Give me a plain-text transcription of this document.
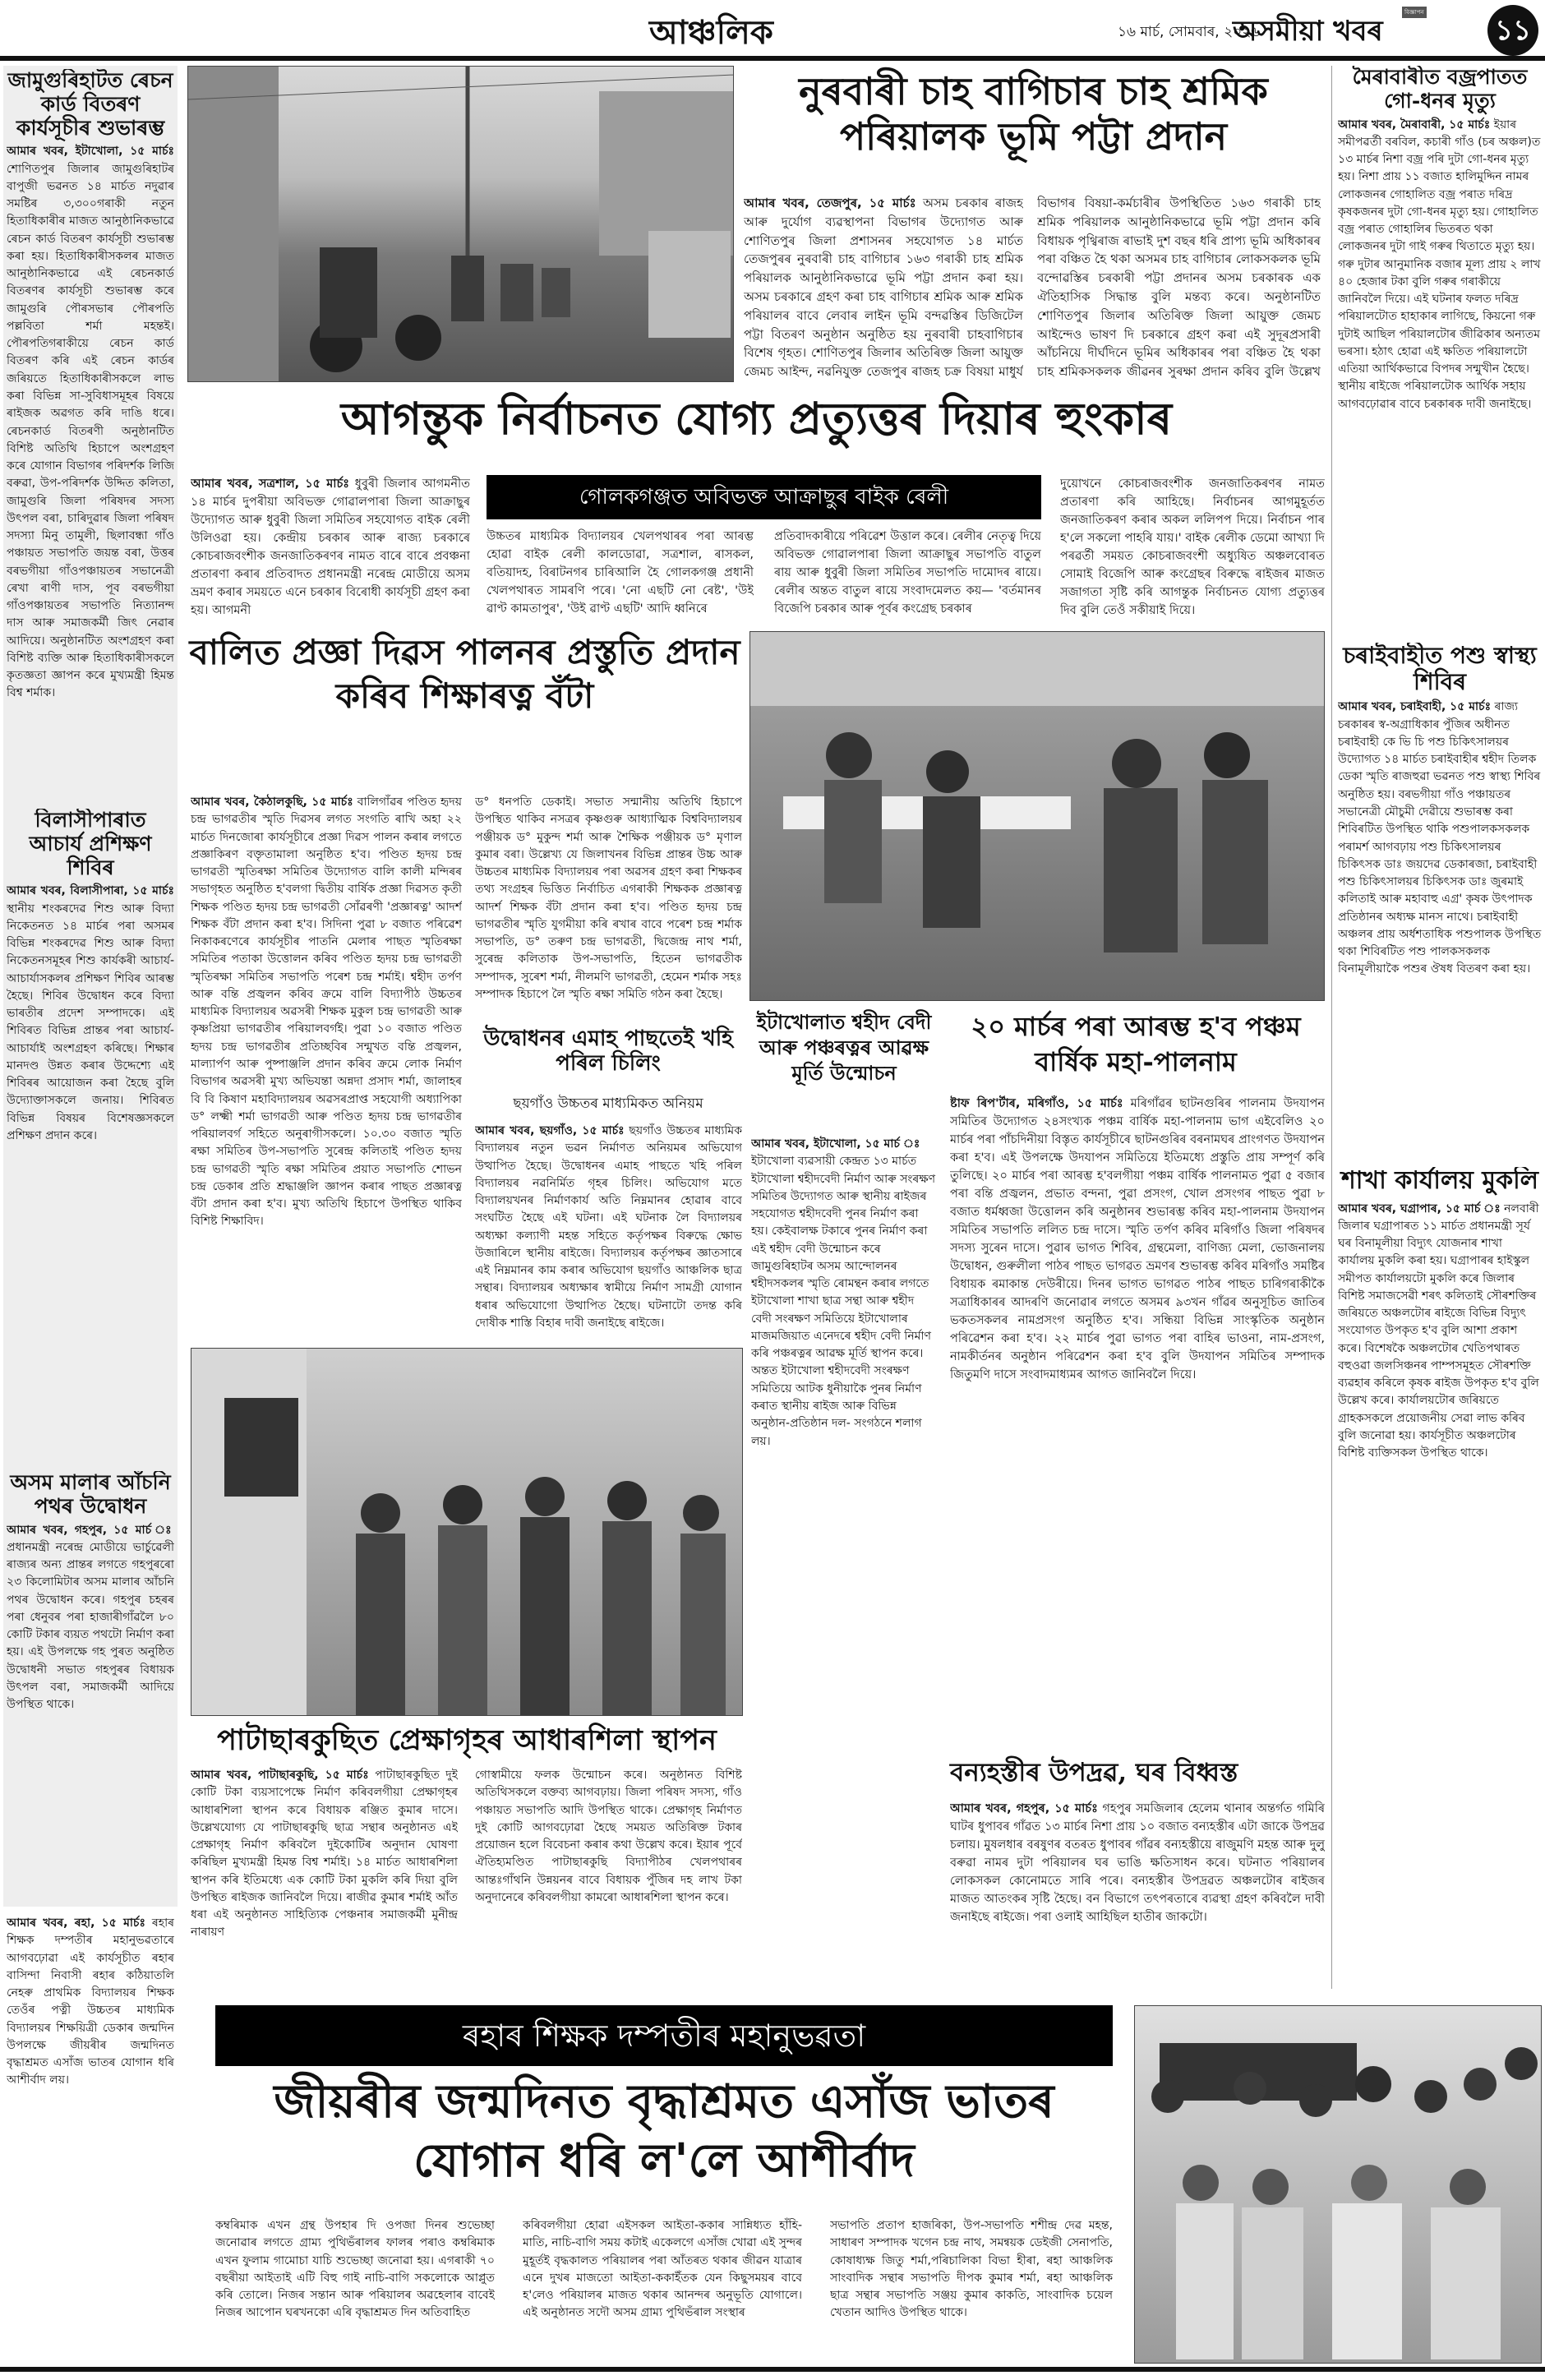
আঞ্চলিক	১৬ মাৰ্চ, সোমবাৰ, ২০২৬
বিজ্ঞাপন
অসমীয়া খবৰ	১১
জামুগুৰিহাটত ৰেচন কাৰ্ড বিতৰণ কাৰ্যসূচীৰ শুভাৰম্ভ
আমাৰ খবৰ, ইটাখোলা, ১৫ মাৰ্চঃ শোণিতপুৰ জিলাৰ জামুগুৰিহাটৰ বাপুজী ভৱনত ১৪ মাৰ্চত নদুৱাৰ সমষ্টিৰ ৩,৩০০গৰাকী নতুন হিতাধিকাৰীৰ মাজত আনুষ্ঠানিকভাৱে ৰেচন কাৰ্ড বিতৰণ কাৰ্যসূচী শুভাৰম্ভ কৰা হয়। হিতাধিকাৰীসকলৰ মাজত আনুষ্ঠানিকভাৱে এই ৰেচনকাৰ্ড বিতৰণৰ কাৰ্যসূচী শুভাৰম্ভ কৰে জামুগুৰি পৌৰসভাৰ পৌৰপতি পল্লবিতা শৰ্মা মহন্তই। পৌৰপতিগৰাকীয়ে ৰেচন কাৰ্ড বিতৰণ কৰি এই ৰেচন কাৰ্ডৰ জৰিয়তে হিতাধিকাৰীসকলে লাভ কৰা বিভিন্ন সা-সুবিধাসমূহৰ বিষয়ে ৰাইজক অৱগত কৰি দাঙি ধৰে। ৰেচনকাৰ্ড বিতৰণী অনুষ্ঠানটিত বিশিষ্ট অতিথি হিচাপে অংশগ্ৰহণ কৰে যোগান বিভাগৰ পৰিদৰ্শক লিজি বৰুৱা, উপ-পৰিদৰ্শক উদ্দিত কলিতা, জামুগুৰি জিলা পৰিষদৰ সদস্য উৎপল বৰা, চাৰিদুৱাৰ জিলা পৰিষদ সদস্যা মিনু তামুলী, ছিলাবন্ধা গাঁও পঞ্চায়ত সভাপতি জয়ন্ত বৰা, উত্তৰ বৰভগীয়া গাঁওপঞ্চায়তৰ সভানেত্ৰী ৰেখা ৰাণী দাস, পূব বৰভগীয়া গাঁওপঞ্চায়তৰ সভাপতি নিত্যানন্দ দাস আৰু সমাজকৰ্মী জিৎ নেৱাৰ আদিয়ে। অনুষ্ঠানটিত অংশগ্ৰহণ কৰা বিশিষ্ট ব্যক্তি আৰু হিতাধিকাৰীসকলে কৃতজ্ঞতা জ্ঞাপন কৰে মুখ্যমন্ত্ৰী হিমন্ত বিশ্ব শৰ্মাক।
বিলাসীপাৰাত আচাৰ্য প্ৰশিক্ষণ শিবিৰ
আমাৰ খবৰ, বিলাসীপাৰা, ১৫ মাৰ্চঃ স্থানীয় শংকৰদেৱ শিশু আৰু বিদ্যা নিকেতনত ১৪ মাৰ্চৰ পৰা অসমৰ বিভিন্ন শংকৰদেৱ শিশু আৰু বিদ্যা নিকেতনসমূহৰ শিশু কাৰ্যকৰী আচাৰ্য-আচাৰ্যাসকলৰ প্ৰশিক্ষণ শিবিৰ আৰম্ভ হৈছে। শিবিৰ উদ্বোধন কৰে বিদ্যা ভাৰতীৰ প্ৰদেশ সম্পাদকে। এই শিবিৰত বিভিন্ন প্ৰান্তৰ পৰা আচাৰ্য-আচাৰ্যাই অংশগ্ৰহণ কৰিছে। শিক্ষাৰ মানদণ্ড উন্নত কৰাৰ উদ্দেশ্যে এই শিবিৰৰ আয়োজন কৰা হৈছে বুলি উদ্যোক্তাসকলে জনায়। শিবিৰত বিভিন্ন বিষয়ৰ বিশেষজ্ঞসকলে প্ৰশিক্ষণ প্ৰদান কৰে।
অসম মালাৰ আঁচনি পথৰ উদ্বোধন
আমাৰ খবৰ, গহপুৰ, ১৫ মাৰ্চ ঃ প্ৰধানমন্ত্ৰী নৰেন্দ্ৰ মোডীয়ে ভাৰ্চুৱেলী ৰাজ্যৰ অন্য প্ৰান্তৰ লগতে গহপুৰৰো ২৩ কিলোমিটাৰ অসম মালাৰ আঁচনি পথৰ উদ্বোধন কৰে। গহপুৰ চহৰৰ পৰা ধেনুবৰ পৰা হাজাৰীগাঁৱলৈ ৮০ কোটি টকাৰ ব্যয়ত পথটো নিৰ্মাণ কৰা হয়। এই উপলক্ষে গহ পুৰত অনুষ্ঠিত উদ্বোধনী সভাত গহপুৰৰ বিধায়ক উৎপল বৰা, সমাজকৰ্মী আদিয়ে উপস্থিত থাকে।
আমাৰ খবৰ, ৰহা, ১৫ মাৰ্চঃ ৰহাৰ শিক্ষক দম্পতীৰ মহানুভৱতাৰে আগবঢ়োৱা এই কাৰ্যসূচীত ৰহাৰ বাসিন্দা নিবাসী ৰহাৰ কঠিয়াতলি নেহৰু প্ৰাথমিক বিদ্যালয়ৰ শিক্ষক তেওঁৰ পত্নী উচ্চতৰ মাধ্যমিক বিদ্যালয়ৰ শিক্ষয়িত্ৰী ডেকাৰ জন্মদিন উপলক্ষে জীয়ৰীৰ জন্মদিনত বৃদ্ধাশ্ৰমত এসাঁজ ভাতৰ যোগান ধৰি আশীৰ্বাদ লয়।
নুৰবাৰী চাহ বাগিচাৰ চাহ শ্ৰমিক পৰিয়ালক ভূমি পট্টা প্ৰদান
আমাৰ খবৰ, তেজপুৰ, ১৫ মাৰ্চঃ অসম চৰকাৰ ৰাজহ আৰু দুৰ্যোগ ব্যৱস্থাপনা বিভাগৰ উদ্যোগত আৰু শোণিতপুৰ জিলা প্ৰশাসনৰ সহযোগত ১৪ মাৰ্চত তেজপুৰৰ নুৰবাৰী চাহ বাগিচাৰ ১৬৩ গৰাকী চাহ শ্ৰমিক পৰিয়ালক আনুষ্ঠানিকভাৱে ভূমি পট্টা প্ৰদান কৰা হয়। অসম চৰকাৰে গ্ৰহণ কৰা চাহ বাগিচাৰ শ্ৰমিক আৰু শ্ৰমিক পৰিয়ালৰ বাবে লেবাৰ লাইন ভূমি বন্দৱস্তিৰ ডিজিটেল পট্টা বিতৰণ অনুষ্ঠান অনুষ্ঠিত হয় নুৰবাৰী চাহবাগিচাৰ বিশেষ গৃহত। শোণিতপুৰ জিলাৰ অতিৰিক্ত জিলা আয়ুক্ত জেমচ আইন্দ, নৱনিযুক্ত তেজপুৰ ৰাজহ চক্ৰ বিষয়া মাধুৰ্য
বিভাগৰ বিষয়া-কৰ্মচাৰীৰ উপস্থিতিত ১৬৩ গৰাকী চাহ শ্ৰমিক পৰিয়ালক আনুষ্ঠানিকভাৱে ভূমি পট্টা প্ৰদান কৰি বিধায়ক পৃথ্বিৰাজ ৰাভাই দুশ বছৰ ধৰি প্ৰাপ্য ভূমি অধিকাৰৰ পৰা বঞ্চিত হৈ থকা অসমৰ চাহ বাগিচাৰ লোকসকলক ভূমি বন্দোৱস্তিৰ চৰকাৰী পট্টা প্ৰদানৰ অসম চৰকাৰক এক ঐতিহাসিক সিদ্ধান্ত বুলি মন্তব্য কৰে। অনুষ্ঠানটিত শোণিতপুৰ জিলাৰ অতিৰিক্ত জিলা আয়ুক্ত জেমচ আইন্দেও ভাষণ দি চৰকাৰে গ্ৰহণ কৰা এই সুদূৰপ্ৰসাৰী আঁচনিয়ে দীৰ্ঘদিনে ভূমিৰ অধিকাৰৰ পৰা বঞ্চিত হৈ থকা চাহ শ্ৰমিকসকলক জীৱনৰ সুৰক্ষা প্ৰদান কৰিব বুলি উল্লেখ
মৈৰাবাৰীত বজ্ৰপাতত গো-ধনৰ মৃত্যু
আমাৰ খবৰ, মৈৰাবাৰী, ১৫ মাৰ্চঃ ইয়াৰ সমীপৱৰ্তী বৰবিল, কচাৰী গাঁও (চৰ অঞ্চল)ত ১৩ মাৰ্চৰ নিশা বজ্ৰ পৰি দুটা গো-ধনৰ মৃত্যু হয়। নিশা প্ৰায় ১১ বজাত হালিমুদ্দিন নামৰ লোকজনৰ গোহালিত বজ্ৰ পৰাত দৰিদ্ৰ কৃষকজনৰ দুটা গো-ধনৰ মৃত্যু হয়। গোহালিত বজ্ৰ পৰাত গোহালিৰ ভিতৰত থকা লোকজনৰ দুটা গাই গৰুৰ থিতাতে মৃত্যু হয়। গৰু দুটাৰ আনুমানিক বজাৰ মূল্য প্ৰায় ২ লাখ ৪০ হেজাৰ টকা বুলি গৰুৰ গৰাকীয়ে জানিবলৈ দিয়ে। এই ঘটনাৰ ফলত দৰিদ্ৰ পৰিয়ালটোত হাহাকাৰ লাগিছে, কিয়নো গৰু দুটাই আছিল পৰিয়ালটোৰ জীৱিকাৰ অন্যতম ভৰসা। হঠাৎ হোৱা এই ক্ষতিত পৰিয়ালটো এতিয়া আৰ্থিকভাৱে বিপদৰ সন্মুখীন হৈছে। স্থানীয় ৰাইজে পৰিয়ালটোক আৰ্থিক সহায় আগবঢ়োৱাৰ বাবে চৰকাৰক দাবী জনাইছে।
চৰাইবাহীত পশু স্বাস্থ্য শিবিৰ
আমাৰ খবৰ, চৰাইবাহী, ১৫ মাৰ্চঃ ৰাজ্য চৰকাৰৰ স্ব-অগ্ৰাধিকাৰ পুঁজিৰ অধীনত চৰাইবাহী কে ভি চি পশু চিকিৎসালয়ৰ উদ্যোগত ১৪ মাৰ্চত চৰাইবাহীৰ শ্বহীদ তিলক ডেকা স্মৃতি ৰাজহুৱা ভৱনত পশু স্বাস্থ্য শিবিৰ অনুষ্ঠিত হয়। বৰভগীয়া গাঁও পঞ্চায়তৰ সভানেত্ৰী মৌচুমী দেৱীয়ে শুভাৰম্ভ কৰা শিবিৰটিত উপস্থিত থাকি পশুপালকসকলক পৰামৰ্শ আগবঢ়ায় পশু চিকিৎসালয়ৰ চিকিৎসক ডাঃ জয়দেৱ ডেকাৰজা, চৰাইবাহী পশু চিকিৎসালয়ৰ চিকিৎসক ডাঃ জুৰমাই কলিতাই আৰু মহাবাহু এগ্ৰ' কৃষক উৎপাদক প্ৰতিষ্ঠানৰ অধ্যক্ষ মানস নাথে। চৰাইবাহী অঞ্চলৰ প্ৰায় অৰ্ধশতাধিক পশুপালক উপস্থিত থকা শিবিৰটিত পশু পালকসকলক বিনামূলীয়াকৈ পশুৰ ঔষধ বিতৰণ কৰা হয়।
শাখা কাৰ্যালয় মুকলি
আমাৰ খবৰ, ঘগ্ৰাপাৰ, ১৫ মাৰ্চ ঃ নলবাৰী জিলাৰ ঘগ্ৰাপাৰত ১১ মাৰ্চত প্ৰধানমন্ত্ৰী সূৰ্য ঘৰ বিনামূলীয়া বিদ্যুৎ যোজনাৰ শাখা কাৰ্যালয় মুকলি কৰা হয়। ঘগ্ৰাপাৰৰ হাইস্কুল সমীপত কাৰ্যালয়টো মুকলি কৰে জিলাৰ বিশিষ্ট সমাজসেৱী শৰৎ কলিতাই সৌৰশক্তিৰ জৰিয়তে অঞ্চলটোৰ ৰাইজে বিভিন্ন বিদ্যুৎ সংযোগত উপকৃত হ'ব বুলি আশা প্ৰকাশ কৰে। বিশেষকৈ অঞ্চলটোৰ খেতিপথাৰত বহুওৱা জলসিঞ্চনৰ পাম্পসমূহত সৌৰশক্তি ব্যৱহাৰ কৰিলে কৃষক ৰাইজ উপকৃত হ'ব বুলি উল্লেখ কৰে। কাৰ্যালয়টোৰ জৰিয়তে গ্ৰাহকসকলে প্ৰয়োজনীয় সেৱা লাভ কৰিব বুলি জনোৱা হয়। কাৰ্যসূচীত অঞ্চলটোৰ বিশিষ্ট ব্যক্তিসকল উপস্থিত থাকে।
আগন্তুক নিৰ্বাচনত যোগ্য প্ৰত্যুত্তৰ দিয়াৰ হুংকাৰ
গোলকগঞ্জত অবিভক্ত আক্ৰাছুৰ বাইক ৰেলী
আমাৰ খবৰ, সত্ৰশাল, ১৫ মাৰ্চঃ ধুবুৰী জিলাৰ আগমনীত ১৪ মাৰ্চৰ দুপৰীয়া অবিভক্ত গোৱালপাৰা জিলা আক্ৰাছুৰ উদ্যোগত আৰু ধুবুৰী জিলা সমিতিৰ সহযোগত বাইক ৰেলী উলিওৱা হয়। কেন্দ্ৰীয় চৰকাৰ আৰু ৰাজ্য চৰকাৰে কোচৰাজবংশীক জনজাতিকৰণৰ নামত বাৰে বাৰে প্ৰবঞ্চনা প্ৰতাৰণা কৰাৰ প্ৰতিবাদত প্ৰধানমন্ত্ৰী নৰেন্দ্ৰ মোডীয়ে অসম ভ্ৰমণ কৰাৰ সময়তে এনে চৰকাৰ বিৰোধী কাৰ্যসূচী গ্ৰহণ কৰা হয়। আগমনী
উচ্চতৰ মাধ্যমিক বিদ্যালয়ৰ খেলপথাৰৰ পৰা আৰম্ভ হোৱা বাইক ৰেলী কালডোৱা, সত্ৰশাল, ৰাসকল, বতিয়াদহ, বিৰাটনগৰ চাৰিআলি হৈ গোলকগঞ্জ প্ৰধানী খেলপথাৰত সামৰণি পৰে। 'নো এছটি নো ৰেষ্ট', 'উই ৱাণ্ট কামতাপুৰ', 'উই ৱাণ্ট এছটি' আদি ধ্বনিৰে
প্ৰতিবাদকাৰীয়ে পৰিৱেশ উত্তাল কৰে। ৰেলীৰ নেতৃত্ব দিয়ে অবিভক্ত গোৱালপাৰা জিলা আক্ৰাছুৰ সভাপতি বাতুল ৰায় আৰু ধুবুৰী জিলা সমিতিৰ সভাপতি দামোদৰ ৰায়ে। ৰেলীৰ অন্তত বাতুল ৰায়ে সংবাদমেলত কয়— 'বৰ্তমানৰ বিজেপি চৰকাৰ আৰু পূৰ্বৰ কংগ্ৰেছ চৰকাৰ
দুয়োখনে কোচৰাজবংশীক জনজাতিকৰণৰ নামত প্ৰতাৰণা কৰি আহিছে। নিৰ্বাচনৰ আগমুহূৰ্তত জনজাতিকৰণ কৰাৰ অকল ললিপপ দিয়ে। নিৰ্বাচন পাৰ হ'লে সকলো পাহৰি যায়।' বাইক ৰেলীক ডেমো আখ্যা দি পৰৱৰ্তী সময়ত কোচৰাজবংশী অধ্যুষিত অঞ্চলবোৰত সোমাই বিজেপি আৰু কংগ্ৰেছৰ বিৰুদ্ধে ৰাইজৰ মাজত সজাগতা সৃষ্টি কৰি আগন্তুক নিৰ্বাচনত যোগ্য প্ৰত্যুত্তৰ দিব বুলি তেওঁ সকীয়াই দিয়ে।
বালিত প্ৰজ্ঞা দিৱস পালনৰ প্ৰস্তুতি প্ৰদান কৰিব শিক্ষাৰত্ন বঁটা
আমাৰ খবৰ, কৈঠালকুছি, ১৫ মাৰ্চঃ বালিগাঁৱৰ পণ্ডিত হৃদয় চন্দ্ৰ ভাগৱতীৰ স্মৃতি দিৱসৰ লগত সংগতি ৰাখি অহা ২২ মাৰ্চত দিনজোৰা কাৰ্যসূচীৰে প্ৰজ্ঞা দিৱস পালন কৰাৰ লগতে প্ৰজ্ঞাকিৰণ বক্তৃতামালা অনুষ্ঠিত হ'ব। পণ্ডিত হৃদয় চন্দ্ৰ ভাগৱতী স্মৃতিৰক্ষা সমিতিৰ উদ্যোগত বালি কালী মন্দিৰৰ সভাগৃহত অনুষ্ঠিত হ'বলগা দ্বিতীয় বাৰ্ষিক প্ৰজ্ঞা দিৱসত কৃতী শিক্ষক পণ্ডিত হৃদয় চন্দ্ৰ ভাগৱতী সোঁৱৰণী 'প্ৰজ্ঞাৰত্ন' আদৰ্শ শিক্ষক বঁটা প্ৰদান কৰা হ'ব। সিদিনা পুৱা ৮ বজাত পৰিৱেশ নিকাকৰণেৰে কাৰ্যসূচীৰ পাতনি মেলাৰ পাছত স্মৃতিৰক্ষা সমিতিৰ পতাকা উত্তোলন কৰিব পণ্ডিত হৃদয় চন্দ্ৰ ভাগৱতী স্মৃতিৰক্ষা সমিতিৰ সভাপতি পৰেশ চন্দ্ৰ শৰ্মাই। শ্বহীদ তৰ্পণ আৰু বন্তি প্ৰজ্বলন কৰিব ক্ৰমে বালি বিদ্যাপীঠ উচ্চতৰ মাধ্যমিক বিদ্যালয়ৰ অৱসৰী শিক্ষক মুকুল চন্দ্ৰ ভাগৱতী আৰু কৃষ্ণপ্ৰিয়া ভাগৱতীৰ পৰিয়ালবৰ্গই। পুৱা ১০ বজাত পণ্ডিত হৃদয় চন্দ্ৰ ভাগৱতীৰ প্ৰতিচ্ছবিৰ সন্মুখত বন্তি প্ৰজ্বলন, মাল্যাৰ্পণ আৰু পুষ্পাঞ্জলি প্ৰদান কৰিব ক্ৰমে লোক নিৰ্মাণ বিভাগৰ অৱসৰী মুখ্য অভিযন্তা অন্নদা প্ৰসাদ শৰ্মা, জালাহৰ বি বি কিষাণ মহাবিদ্যালয়ৰ অৱসৰপ্ৰাপ্ত সহযোগী অধ্যাপিকা ড° লক্ষ্মী শৰ্মা ভাগৱতী আৰু পণ্ডিত হৃদয় চন্দ্ৰ ভাগৱতীৰ পৰিয়ালবৰ্গ সহিতে অনুৰাগীসকলে। ১০.৩০ বজাত স্মৃতি ৰক্ষা সমিতিৰ উপ-সভাপতি সুৰেন্দ্ৰ কলিতাই পণ্ডিত হৃদয় চন্দ্ৰ ভাগৱতী স্মৃতি ৰক্ষা সমিতিৰ প্ৰয়াত সভাপতি শোভন চন্দ্ৰ ডেকাৰ প্ৰতি শ্ৰদ্ধাঞ্জলি জ্ঞাপন কৰাৰ পাছত প্ৰজ্ঞাৰত্ন বঁটা প্ৰদান কৰা হ'ব। মুখ্য অতিথি হিচাপে উপস্থিত থাকিব বিশিষ্ট শিক্ষাবিদ।
ড° ধনপতি ডেকাই। সভাত সন্মানীয় অতিথি হিচাপে উপস্থিত থাকিব নসত্ৰৰ কৃষ্ণগুৰু আধ্যাত্মিক বিশ্ববিদ্যালয়ৰ পঞ্জীয়ক ড° মুকুন্দ শৰ্মা আৰু শৈক্ষিক পঞ্জীয়ক ড° মৃণাল কুমাৰ বৰা। উল্লেখ্য যে জিলাখনৰ বিভিন্ন প্ৰান্তৰ উচ্চ আৰু উচ্চতৰ মাধ্যমিক বিদ্যালয়ৰ পৰা অৱসৰ গ্ৰহণ কৰা শিক্ষকৰ তথ্য সংগ্ৰহৰ ভিত্তিত নিৰ্বাচিত এগৰাকী শিক্ষকক প্ৰজ্ঞাৰত্ন আদৰ্শ শিক্ষক বঁটা প্ৰদান কৰা হ'ব। পণ্ডিত হৃদয় চন্দ্ৰ ভাগৱতীৰ স্মৃতি যুগমীয়া কৰি ৰখাৰ বাবে পৰেশ চন্দ্ৰ শৰ্মাক সভাপতি, ড° তৰুণ চন্দ্ৰ ভাগৱতী, দ্বিজেন্দ্ৰ নাথ শৰ্মা, সুৰেন্দ্ৰ কলিতাক উপ-সভাপতি, হিতেন ভাগৱতীক সম্পাদক, সুৰেশ শৰ্মা, নীলমণি ভাগৱতী, হেমেন শৰ্মাক সহঃ সম্পাদক হিচাপে লৈ স্মৃতি ৰক্ষা সমিতি গঠন কৰা হৈছে।
উদ্বোধনৰ এমাহ পাছতেই খহি পৰিল চিলিং
ছয়গাঁও উচ্চতৰ মাধ্যমিকত অনিয়ম
আমাৰ খবৰ, ছয়গাঁও, ১৫ মাৰ্চঃ ছয়গাঁও উচ্চতৰ মাধ্যমিক বিদ্যালয়ৰ নতুন ভৱন নিৰ্মাণত অনিয়মৰ অভিযোগ উত্থাপিত হৈছে। উদ্বোধনৰ এমাহ পাছতে খহি পৰিল বিদ্যালয়ৰ নৱনিৰ্মিত গৃহৰ চিলিং। অভিযোগ মতে বিদ্যালয়খনৰ নিৰ্মাণকাৰ্য অতি নিম্নমানৰ হোৱাৰ বাবে সংঘটিত হৈছে এই ঘটনা। এই ঘটনাক লৈ বিদ্যালয়ৰ অধ্যক্ষা কল্যাণী মহন্ত সহিতে কৰ্তৃপক্ষৰ বিৰুদ্ধে ক্ষোভ উজাৰিলে স্থানীয় ৰাইজে। বিদ্যালয়ৰ কৰ্তৃপক্ষৰ জ্ঞাতসাৰে এই নিম্নমানৰ কাম কৰাৰ অভিযোগ ছয়গাঁও আঞ্চলিক ছাত্ৰ সন্থাৰ। বিদ্যালয়ৰ অধ্যক্ষাৰ স্বামীয়ে নিৰ্মাণ সামগ্ৰী যোগান ধৰাৰ অভিযোগো উত্থাপিত হৈছে। ঘটনাটো তদন্ত কৰি দোষীক শাস্তি বিহাৰ দাবী জনাইছে ৰাইজে।
ইটাখোলাত শ্বহীদ বেদী আৰু পঞ্চৰত্নৰ আৱক্ষ মূৰ্তি উন্মোচন
আমাৰ খবৰ, ইটাখোলা, ১৫ মাৰ্চ ঃ ইটাখোলা ব্যৱসায়ী কেন্দ্ৰত ১৩ মাৰ্চত ইটাখোলা শ্বহীদবেদী নিৰ্মাণ আৰু সংৰক্ষণ সমিতিৰ উদ্যোগত আৰু স্থানীয় ৰাইজৰ সহযোগত শ্বহীদবেদী পুনৰ নিৰ্মাণ কৰা হয়। কেইবালক্ষ টকাৰে পুনৰ নিৰ্মাণ কৰা এই শ্বহীদ বেদী উন্মোচন কৰে জামুগুৰিহাটৰ অসম আন্দোলনৰ শ্বহীদসকলৰ স্মৃতি ৰোমন্থন কৰাৰ লগতে ইটাখোলা শাখা ছাত্ৰ সন্থা আৰু শ্বহীদ বেদী সংৰক্ষণ সমিতিয়ে ইটাখোলাৰ মাজমজিয়াত এনেদৰে শ্বহীদ বেদী নিৰ্মাণ কৰি পঞ্চৰত্নৰ আৱক্ষ মূৰ্তি স্থাপন কৰে। অন্তত ইটাখোলা শ্বহীদবেদী সংৰক্ষণ সমিতিয়ে আটক ধুনীয়াকৈ পুনৰ নিৰ্মাণ কৰাত স্থানীয় ৰাইজ আৰু বিভিন্ন অনুষ্ঠান-প্ৰতিষ্ঠান দল- সংগঠনে শলাগ লয়।
২০ মাৰ্চৰ পৰা আৰম্ভ হ'ব পঞ্চম বাৰ্ষিক মহা-পালনাম
ষ্টাফ ৰিপ'ৰ্টাৰ, মৰিগাঁও, ১৫ মাৰ্চঃ মৰিগাঁৱৰ ছাটনগুৰিৰ পালনাম উদযাপন সমিতিৰ উদ্যোগত ২৪সংখ্যক পঞ্চম বাৰ্ষিক মহা-পালনাম ভাগ এইবেলিও ২০ মাৰ্চৰ পৰা পাঁচদিনীয়া বিস্তৃত কাৰ্যসূচীৰে ছাটনগুৰিৰ বৰনামঘৰ প্ৰাংগণত উদযাপন কৰা হ'ব। এই উপলক্ষে উদযাপন সমিতিয়ে ইতিমধ্যে প্ৰস্তুতি প্ৰায় সম্পূৰ্ণ কৰি তুলিছে। ২০ মাৰ্চৰ পৰা আৰম্ভ হ'বলগীয়া পঞ্চম বাৰ্ষিক পালনামত পুৱা ৫ বজাৰ পৰা বন্তি প্ৰজ্বলন, প্ৰভাত বন্দনা, পুৱা প্ৰসংগ, খোল প্ৰসংগৰ পাছত পুৱা ৮ বজাত ধৰ্মধ্বজা উত্তোলন কৰি অনুষ্ঠানৰ শুভাৰম্ভ কৰিব মহা-পালনাম উদযাপন সমিতিৰ সভাপতি ললিত চন্দ্ৰ দাসে। স্মৃতি তৰ্পণ কৰিব মৰিগাঁও জিলা পৰিষদৰ সদস্য সুৰেন দাসে। পুৱাৰ ভাগত শিবিৰ, গ্ৰন্থমেলা, বাণিজ্য মেলা, ভোজনালয় উদ্বোধন, গুৰুলীলা পাঠৰ পাছত ভাগৱত ভ্ৰমণৰ শুভাৰম্ভ কৰিব মৰিগাঁও সমষ্টিৰ বিধায়ক ৰমাকান্ত দেউৰীয়ে। দিনৰ ভাগত ভাগৱত পাঠৰ পাছত চাৰিগৰাকীকৈ সত্ৰাধিকাৰৰ আদৰণি জনোৱাৰ লগতে অসমৰ ৯৩খন গাঁৱৰ অনুসূচিত জাতিৰ ভকতসকলৰ নামপ্ৰসংগ অনুষ্ঠিত হ'ব। সন্ধিয়া বিভিন্ন সাংস্কৃতিক অনুষ্ঠান পৰিৱেশন কৰা হ'ব। ২২ মাৰ্চৰ পুৱা ভাগত পৰা বাহিৰ ভাওনা, নাম-প্ৰসংগ, নামকীৰ্তনৰ অনুষ্ঠান পৰিৱেশন কৰা হ'ব বুলি উদযাপন সমিতিৰ সম্পাদক জিতুমণি দাসে সংবাদমাধ্যমৰ আগত জানিবলৈ দিয়ে।
পাটাছাৰকুছিত প্ৰেক্ষাগৃহৰ আধাৰশিলা স্থাপন
আমাৰ খবৰ, পাটাছাৰকুছি, ১৫ মাৰ্চঃ পাটাছাৰকুছিত দুই কোটি টকা ব্যয়সাপেক্ষে নিৰ্মাণ কৰিবলগীয়া প্ৰেক্ষাগৃহৰ আধাৰশিলা স্থাপন কৰে বিধায়ক ৰঞ্জিত কুমাৰ দাসে। উল্লেখযোগ্য যে পাটাছাৰকুছি ছাত্ৰ সন্থাৰ অনুষ্ঠানত এই প্ৰেক্ষাগৃহ নিৰ্মাণ কৰিবলৈ দুইকোটিৰ অনুদান ঘোষণা কৰিছিল মুখ্যমন্ত্ৰী হিমন্ত বিশ্ব শৰ্মাই। ১৪ মাৰ্চত আধাৰশিলা স্থাপন কৰি ইতিমধ্যে এক কোটি টকা মুকলি কৰি দিয়া বুলি উপস্থিত ৰাইজক জানিবলৈ দিয়ে। ৰাজীৱ কুমাৰ শৰ্মাই আঁত ধৰা এই অনুষ্ঠানত সাহিত্যিক পেঞ্চনাৰ সমাজকৰ্মী মুনীন্দ্ৰ নাৰায়ণ
গোস্বামীয়ে ফলক উন্মোচন কৰে। অনুষ্ঠানত বিশিষ্ট অতিথিসকলে বক্তব্য আগবঢ়ায়। জিলা পৰিষদ সদস্য, গাঁও পঞ্চায়ত সভাপতি আদি উপস্থিত থাকে। প্ৰেক্ষাগৃহ নিৰ্মাণত দুই কোটি আগবঢ়োৱা হৈছে সময়ত অতিৰিক্ত টকাৰ প্ৰয়োজন হলে বিবেচনা কৰাৰ কথা উল্লেখ কৰে। ইয়াৰ পূৰ্বে ঐতিহ্যমণ্ডিত পাটাছাৰকুছি বিদ্যাপীঠৰ খেলপথাৰৰ আন্তঃগাঁথনি উন্নয়নৰ বাবে বিধায়ক পুঁজিৰ দহ লাখ টকা অনুদানেৰে কৰিবলগীয়া কামৰো আধাৰশিলা স্থাপন কৰে।
বন্যহস্তীৰ উপদ্ৰৱ, ঘৰ বিধ্বস্ত
আমাৰ খবৰ, গহপুৰ, ১৫ মাৰ্চঃ গহপুৰ সমজিলাৰ হেলেম থানাৰ অন্তৰ্গত গমিৰি ঘাটৰ ধুপাবৰ গাঁৱত ১৩ মাৰ্চৰ নিশা প্ৰায় ১০ বজাত বন্যহস্তীৰ এটা জাকে উপদ্ৰৱ চলায়। মুষলধাৰ বৰষুণৰ বতৰত ধুপাবৰ গাঁৱৰ বন্যহস্তীয়ে ৰাজুমণি মহন্ত আৰু দুলু বৰুৱা নামৰ দুটা পৰিয়ালৰ ঘৰ ভাঙি ক্ষতিসাধন কৰে। ঘটনাত পৰিয়ালৰ লোকসকল কোনোমতে সাৰি পৰে। বন্যহস্তীৰ উপদ্ৰৱত অঞ্চলটোৰ ৰাইজৰ মাজত আতংকৰ সৃষ্টি হৈছে। বন বিভাগে তৎপৰতাৰে ব্যৱস্থা গ্ৰহণ কৰিবলৈ দাবী জনাইছে ৰাইজে। পৰা ওলাই আহিছিল হাতীৰ জাকটো।
ৰহাৰ শিক্ষক দম্পতীৰ মহানুভৱতা
জীয়ৰীৰ জন্মদিনত বৃদ্ধাশ্ৰমত এসাঁজ ভাতৰ যোগান ধৰি ল'লে আশীৰ্বাদ
কম্বৰিমাক এখন গ্ৰন্থ উপহাৰ দি ওপজা দিনৰ শুভেচ্ছা জনোৱাৰ লগতে গ্ৰাম্য পুথিভঁৰালৰ ফালৰ পৰাও কম্বৰিমাক এখন ফুলাম গামোচা যাচি শুভেচ্ছা জনোৱা হয়। এগৰাকী ৭০ বছৰীয়া আইতাই এটি বিহু গাই নাচি-বাগি সকলোকে আপ্লুত কৰি তোলে। নিজৰ সন্তান আৰু পৰিয়ালৰ অৱহেলাৰ বাবেই নিজৰ আপোন ঘৰখনকো এৰি বৃদ্ধাশ্ৰমত দিন অতিবাহিত
কৰিবলগীয়া হোৱা এইসকল আইতা-ককাৰ সান্নিধ্যত হাঁহি-মাতি, নাচি-বাগি সময় কটাই একেলগে এসাঁজ খোৱা এই সুন্দৰ মুহূৰ্তই বৃদ্ধকালত পৰিয়ালৰ পৰা আঁতৰত থকাৰ জীৱন যাত্ৰাৰ এনে দুখৰ মাজতো আইতা-ককাইঁতক যেন কিছুসময়ৰ বাবে হ'লেও পৰিয়ালৰ মাজত থকাৰ আনন্দৰ অনুভূতি যোগালে। এই অনুষ্ঠানত সদৌ অসম গ্ৰাম্য পুথিভঁৰাল সংস্থাৰ
সভাপতি প্ৰতাপ হাজৰিকা, উপ-সভাপতি শশীন্দ্ৰ দেৱ মহন্ত, সাধাৰণ সম্পাদক খগেন চন্দ্ৰ নাথ, সমন্বয়ক ডেইজী সেনাপতি, কোষাধ্যক্ষ জিতু শৰ্মা,পৰিচালিকা বিভা হীৰা, ৰহা আঞ্চলিক সাংবাদিক সন্থাৰ সভাপতি দীপক কুমাৰ শৰ্মা, ৰহা আঞ্চলিক ছাত্ৰ সন্থাৰ সভাপতি সঞ্জয় কুমাৰ কাকতি, সাংবাদিক চয়েল খেতান আদিও উপস্থিত থাকে।
